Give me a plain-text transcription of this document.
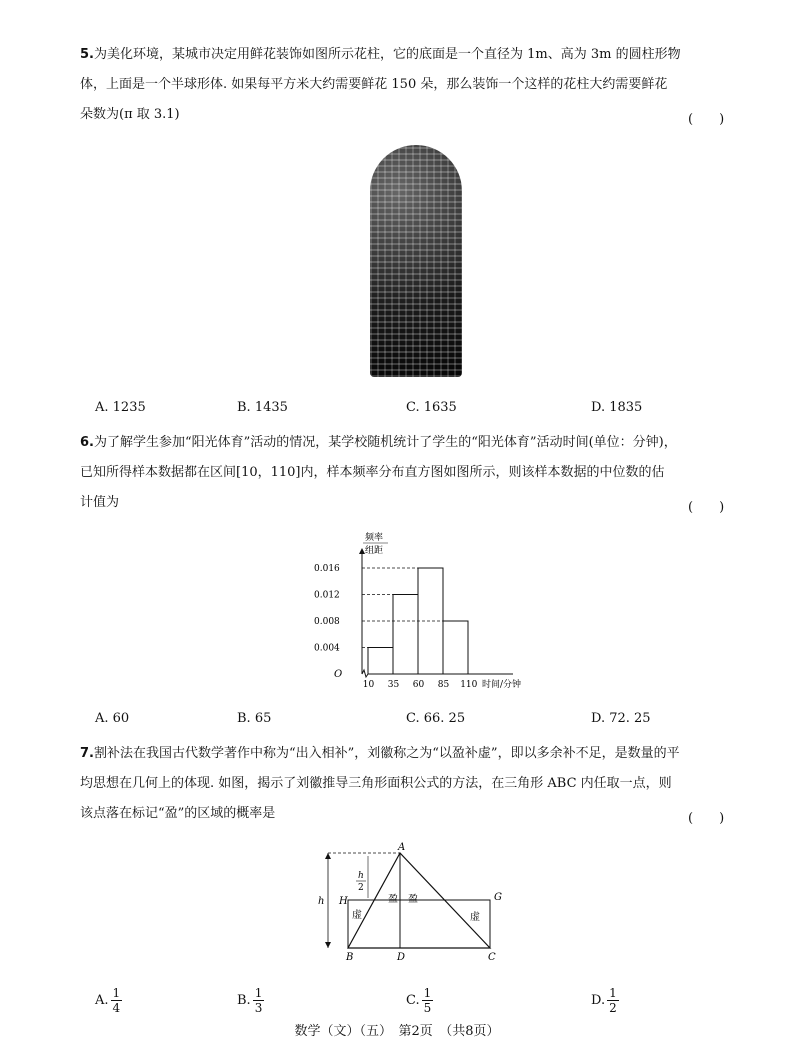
5.为美化环境，某城市决定用鲜花装饰如图所示花柱，它的底面是一个直径为 1m、高为 3m 的圆柱形物
体，上面是一个半球形体. 如果每平方米大约需要鲜花 150 朵，那么装饰一个这样的花柱大约需要鲜花
朵数为(π 取 3.1)	(　　)
A. 1235	B. 1435	C. 1635	D. 1835
6.为了解学生参加“阳光体育”活动的情况，某学校随机统计了学生的“阳光体育”活动时间(单位：分钟)，
已知所得样本数据都在区间[10，110]内，样本频率分布直方图如图所示，则该样本数据的中位数的估
计值为	(　　)
0.004
0.008
0.012
0.016
10 35 60 85 110 时间/分钟
O
频率
组距
A. 60	B. 65	C. 66. 25	D. 72. 25
7.割补法在我国古代数学著作中称为“出入相补”，刘徽称之为“以盈补虚”，即以多余补不足，是数量的平
均思想在几何上的体现. 如图，揭示了刘徽推导三角形面积公式的方法，在三角形 ABC 内任取一点，则
该点落在标记“盈”的区域的概率是	(　　)
A
B	C
D
G
H
h
h
2
虚
盈 盈
虚
A. $\frac{1}{4}$	B. $\frac{1}{3}$	C. $\frac{1}{5}$	D. $\frac{1}{2}$
数学（文）（五）　第2页　（共8页）
